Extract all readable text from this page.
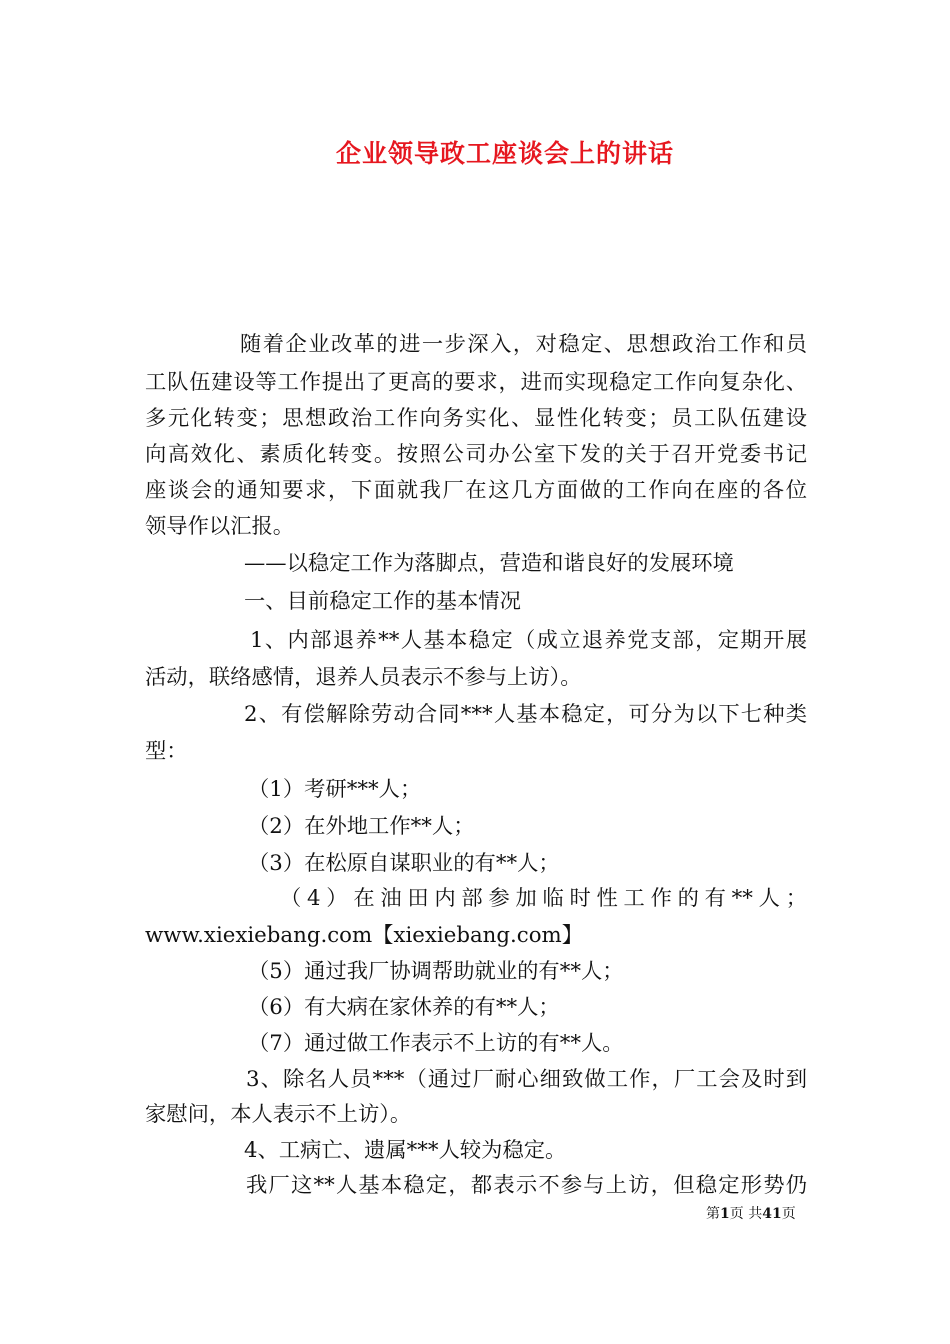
企业领导政工座谈会上的讲话
随着企业改革的进一步深入，对稳定、思想政治工作和员
工队伍建设等工作提出了更高的要求，进而实现稳定工作向复杂化、
多元化转变；思想政治工作向务实化、显性化转变；员工队伍建设
向高效化、素质化转变。按照公司办公室下发的关于召开党委书记
座谈会的通知要求，下面就我厂在这几方面做的工作向在座的各位
领导作以汇报。
——以稳定工作为落脚点，营造和谐良好的发展环境
一、目前稳定工作的基本情况
1、内部退养**人基本稳定（成立退养党支部，定期开展
活动，联络感情，退养人员表示不参与上访）。
2、有偿解除劳动合同***人基本稳定，可分为以下七种类
型：
（1）考研***人；
（2）在外地工作**人；
（3）在松原自谋职业的有**人；
（4）在油田内部参加临时性工作的有**人；
www.xiexiebang.com【xiexiebang.com】
（5）通过我厂协调帮助就业的有**人；
（6）有大病在家休养的有**人；
（7）通过做工作表示不上访的有**人。
3、除名人员***（通过厂耐心细致做工作，厂工会及时到
家慰问，本人表示不上访）。
4、工病亡、遗属***人较为稳定。
我厂这**人基本稳定，都表示不参与上访，但稳定形势仍
第1页 共41页
